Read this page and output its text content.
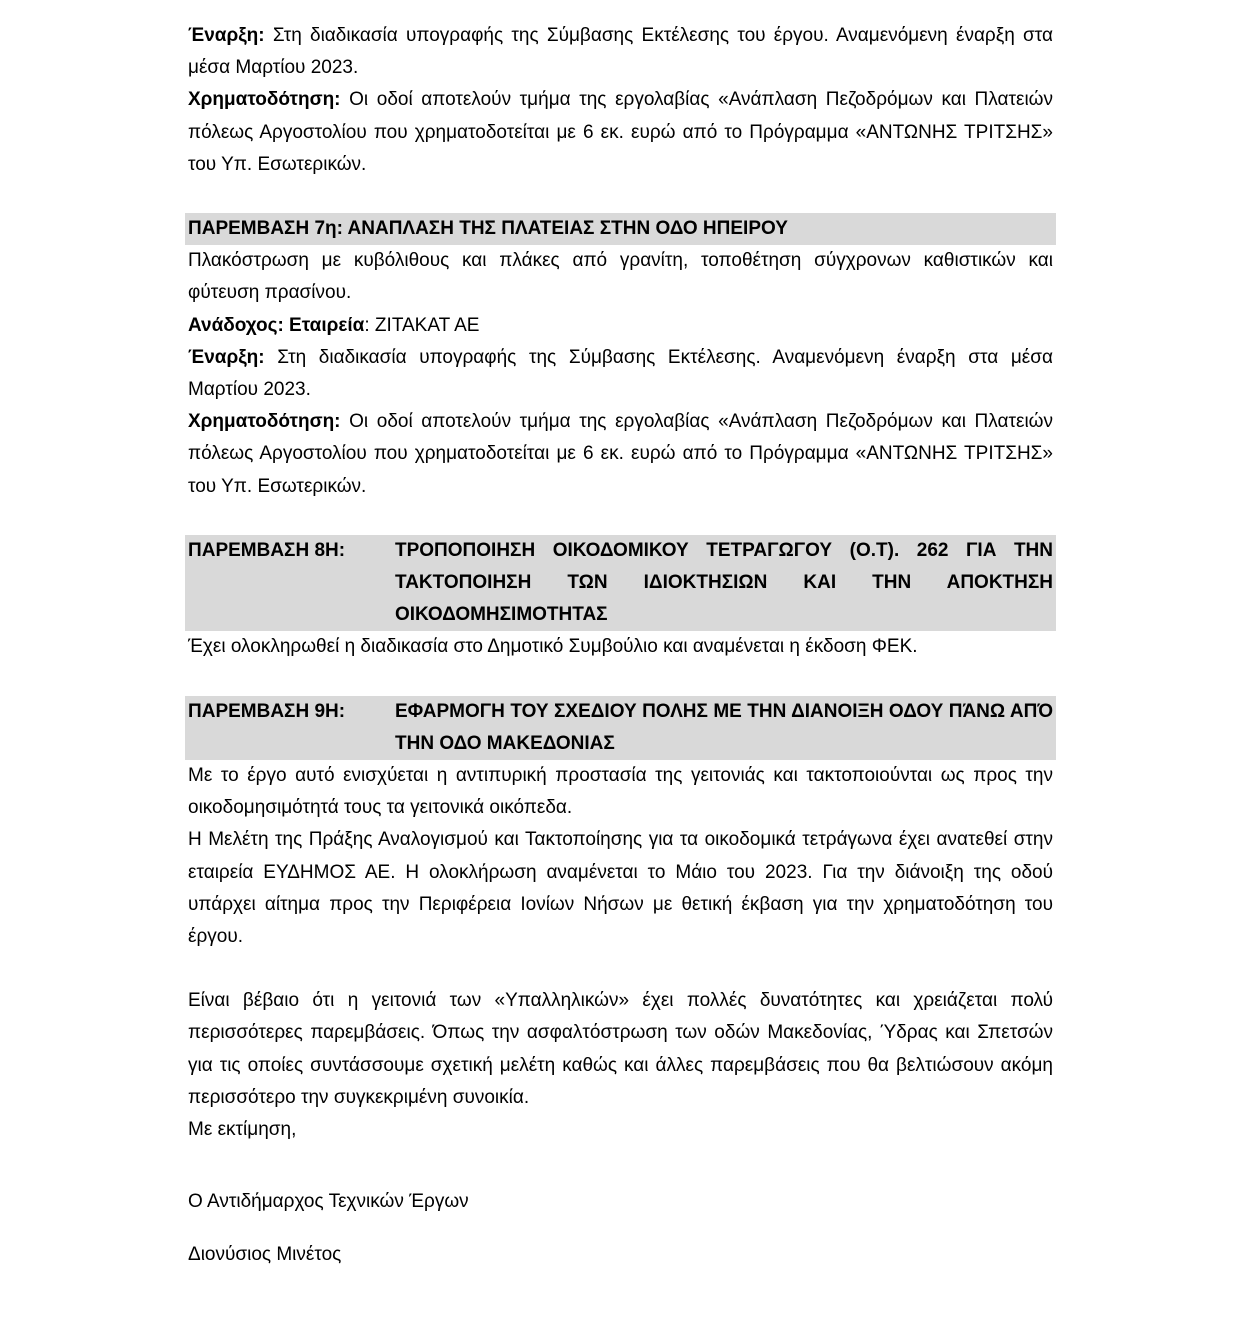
Έναρξη: Στη διαδικασία υπογραφής της Σύμβασης Εκτέλεσης του έργου. Αναμενόμενη έναρξη στα μέσα Μαρτίου 2023.

Χρηματοδότηση: Οι οδοί αποτελούν τμήμα της εργολαβίας «Ανάπλαση Πεζοδρόμων και Πλατειών πόλεως Αργοστολίου που χρηματοδοτείται με 6 εκ. ευρώ από το Πρόγραμμα «ΑΝΤΩΝΗΣ ΤΡΙΤΣΗΣ» του Υπ. Εσωτερικών.

ΠΑΡΕΜΒΑΣΗ 7η: ΑΝΑΠΛΑΣΗ ΤΗΣ ΠΛΑΤΕΙΑΣ ΣΤΗΝ ΟΔΟ ΗΠΕΙΡΟΥ

Πλακόστρωση με κυβόλιθους και πλάκες από γρανίτη, τοποθέτηση σύγχρονων καθιστικών και φύτευση πρασίνου.

Ανάδοχος: Εταιρεία: ΖΙΤΑΚΑΤ ΑΕ

Έναρξη: Στη διαδικασία υπογραφής της Σύμβασης Εκτέλεσης. Αναμενόμενη έναρξη στα μέσα Μαρτίου 2023.

Χρηματοδότηση: Οι οδοί αποτελούν τμήμα της εργολαβίας «Ανάπλαση Πεζοδρόμων και Πλατειών πόλεως Αργοστολίου που χρηματοδοτείται με 6 εκ. ευρώ από το Πρόγραμμα «ΑΝΤΩΝΗΣ ΤΡΙΤΣΗΣ» του Υπ. Εσωτερικών.

ΠΑΡΕΜΒΑΣΗ 8Η:	ΤΡΟΠΟΠΟΙΗΣΗ ΟΙΚΟΔΟΜΙΚΟΥ ΤΕΤΡΑΓΩΓΟΥ (Ο.Τ). 262 ΓΙΑ ΤΗΝ ΤΑΚΤΟΠΟΙΗΣΗ ΤΩΝ ΙΔΙΟΚΤΗΣΙΩΝ ΚΑΙ ΤΗΝ ΑΠΟΚΤΗΣΗ ΟΙΚΟΔΟΜΗΣΙΜΟΤΗΤΑΣ

Έχει ολοκληρωθεί η διαδικασία στο Δημοτικό Συμβούλιο και αναμένεται η έκδοση ΦΕΚ.

ΠΑΡΕΜΒΑΣΗ 9Η:	ΕΦΑΡΜΟΓΗ ΤΟΥ ΣΧΕΔΙΟΥ ΠΟΛΗΣ ΜΕ ΤΗΝ ΔΙΑΝΟΙΞΗ ΟΔΟΥ ΠΆΝΩ ΑΠΌ ΤΗΝ ΟΔΟ ΜΑΚΕΔΟΝΙΑΣ

Με το έργο αυτό ενισχύεται η αντιπυρική προστασία της γειτονιάς και τακτοποιούνται ως προς την οικοδομησιμότητά τους τα γειτονικά οικόπεδα.

Η Μελέτη της Πράξης Αναλογισμού και Τακτοποίησης για τα οικοδομικά τετράγωνα έχει ανατεθεί στην εταιρεία ΕΥΔΗΜΟΣ ΑΕ. Η ολοκλήρωση αναμένεται το Μάιο του 2023. Για την διάνοιξη της οδού υπάρχει αίτημα προς την Περιφέρεια Ιονίων Νήσων με θετική έκβαση για την χρηματοδότηση του έργου.

Είναι βέβαιο ότι η γειτονιά των «Υπαλληλικών» έχει πολλές δυνατότητες και χρειάζεται πολύ περισσότερες παρεμβάσεις. Όπως την ασφαλτόστρωση των οδών Μακεδονίας, Ύδρας και Σπετσών για τις οποίες συντάσσουμε σχετική μελέτη καθώς και άλλες παρεμβάσεις που θα βελτιώσουν ακόμη περισσότερο την συγκεκριμένη συνοικία.

Με εκτίμηση,

Ο Αντιδήμαρχος Τεχνικών Έργων

Διονύσιος Μινέτος
